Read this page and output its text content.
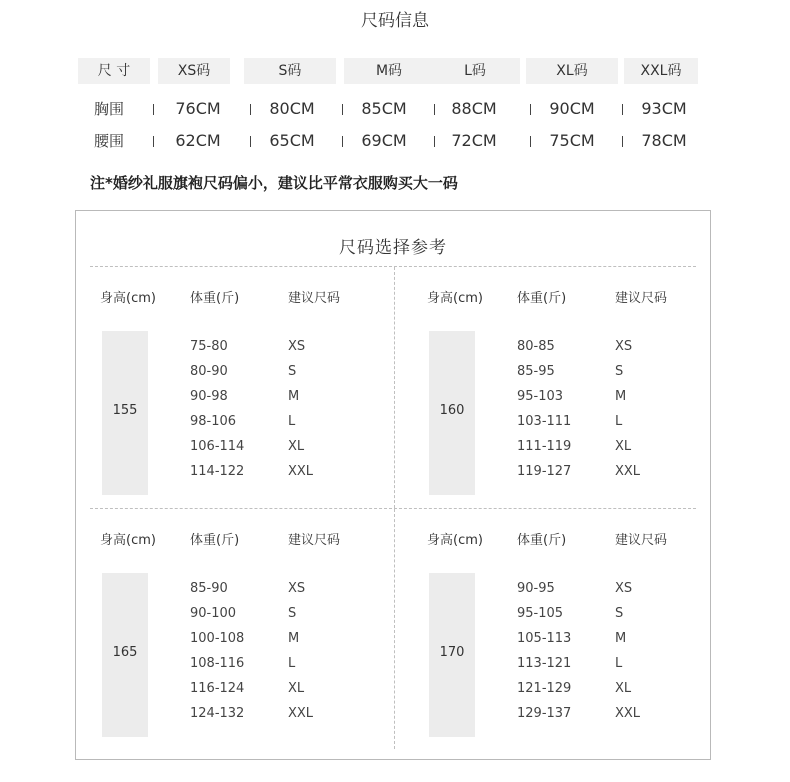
尺码信息
尺 寸	XS码	S码	M码	L码	XL码	XXL码
胸围	76CM	80CM	85CM	88CM	90CM	93CM
腰围	62CM	65CM	69CM	72CM	75CM	78CM
注*婚纱礼服旗袍尺码偏小，建议比平常衣服购买大一码
尺码选择参考
身高(cm)	体重(斤)	建议尺码
155
75-80	XS
80-90	S
90-98	M
98-106	L
106-114	XL
114-122	XXL
身高(cm)	体重(斤)	建议尺码
160
80-85	XS
85-95	S
95-103	M
103-111	L
111-119	XL
119-127	XXL
身高(cm)	体重(斤)	建议尺码
165
85-90	XS
90-100	S
100-108	M
108-116	L
116-124	XL
124-132	XXL
身高(cm)	体重(斤)	建议尺码
170
90-95	XS
95-105	S
105-113	M
113-121	L
121-129	XL
129-137	XXL
